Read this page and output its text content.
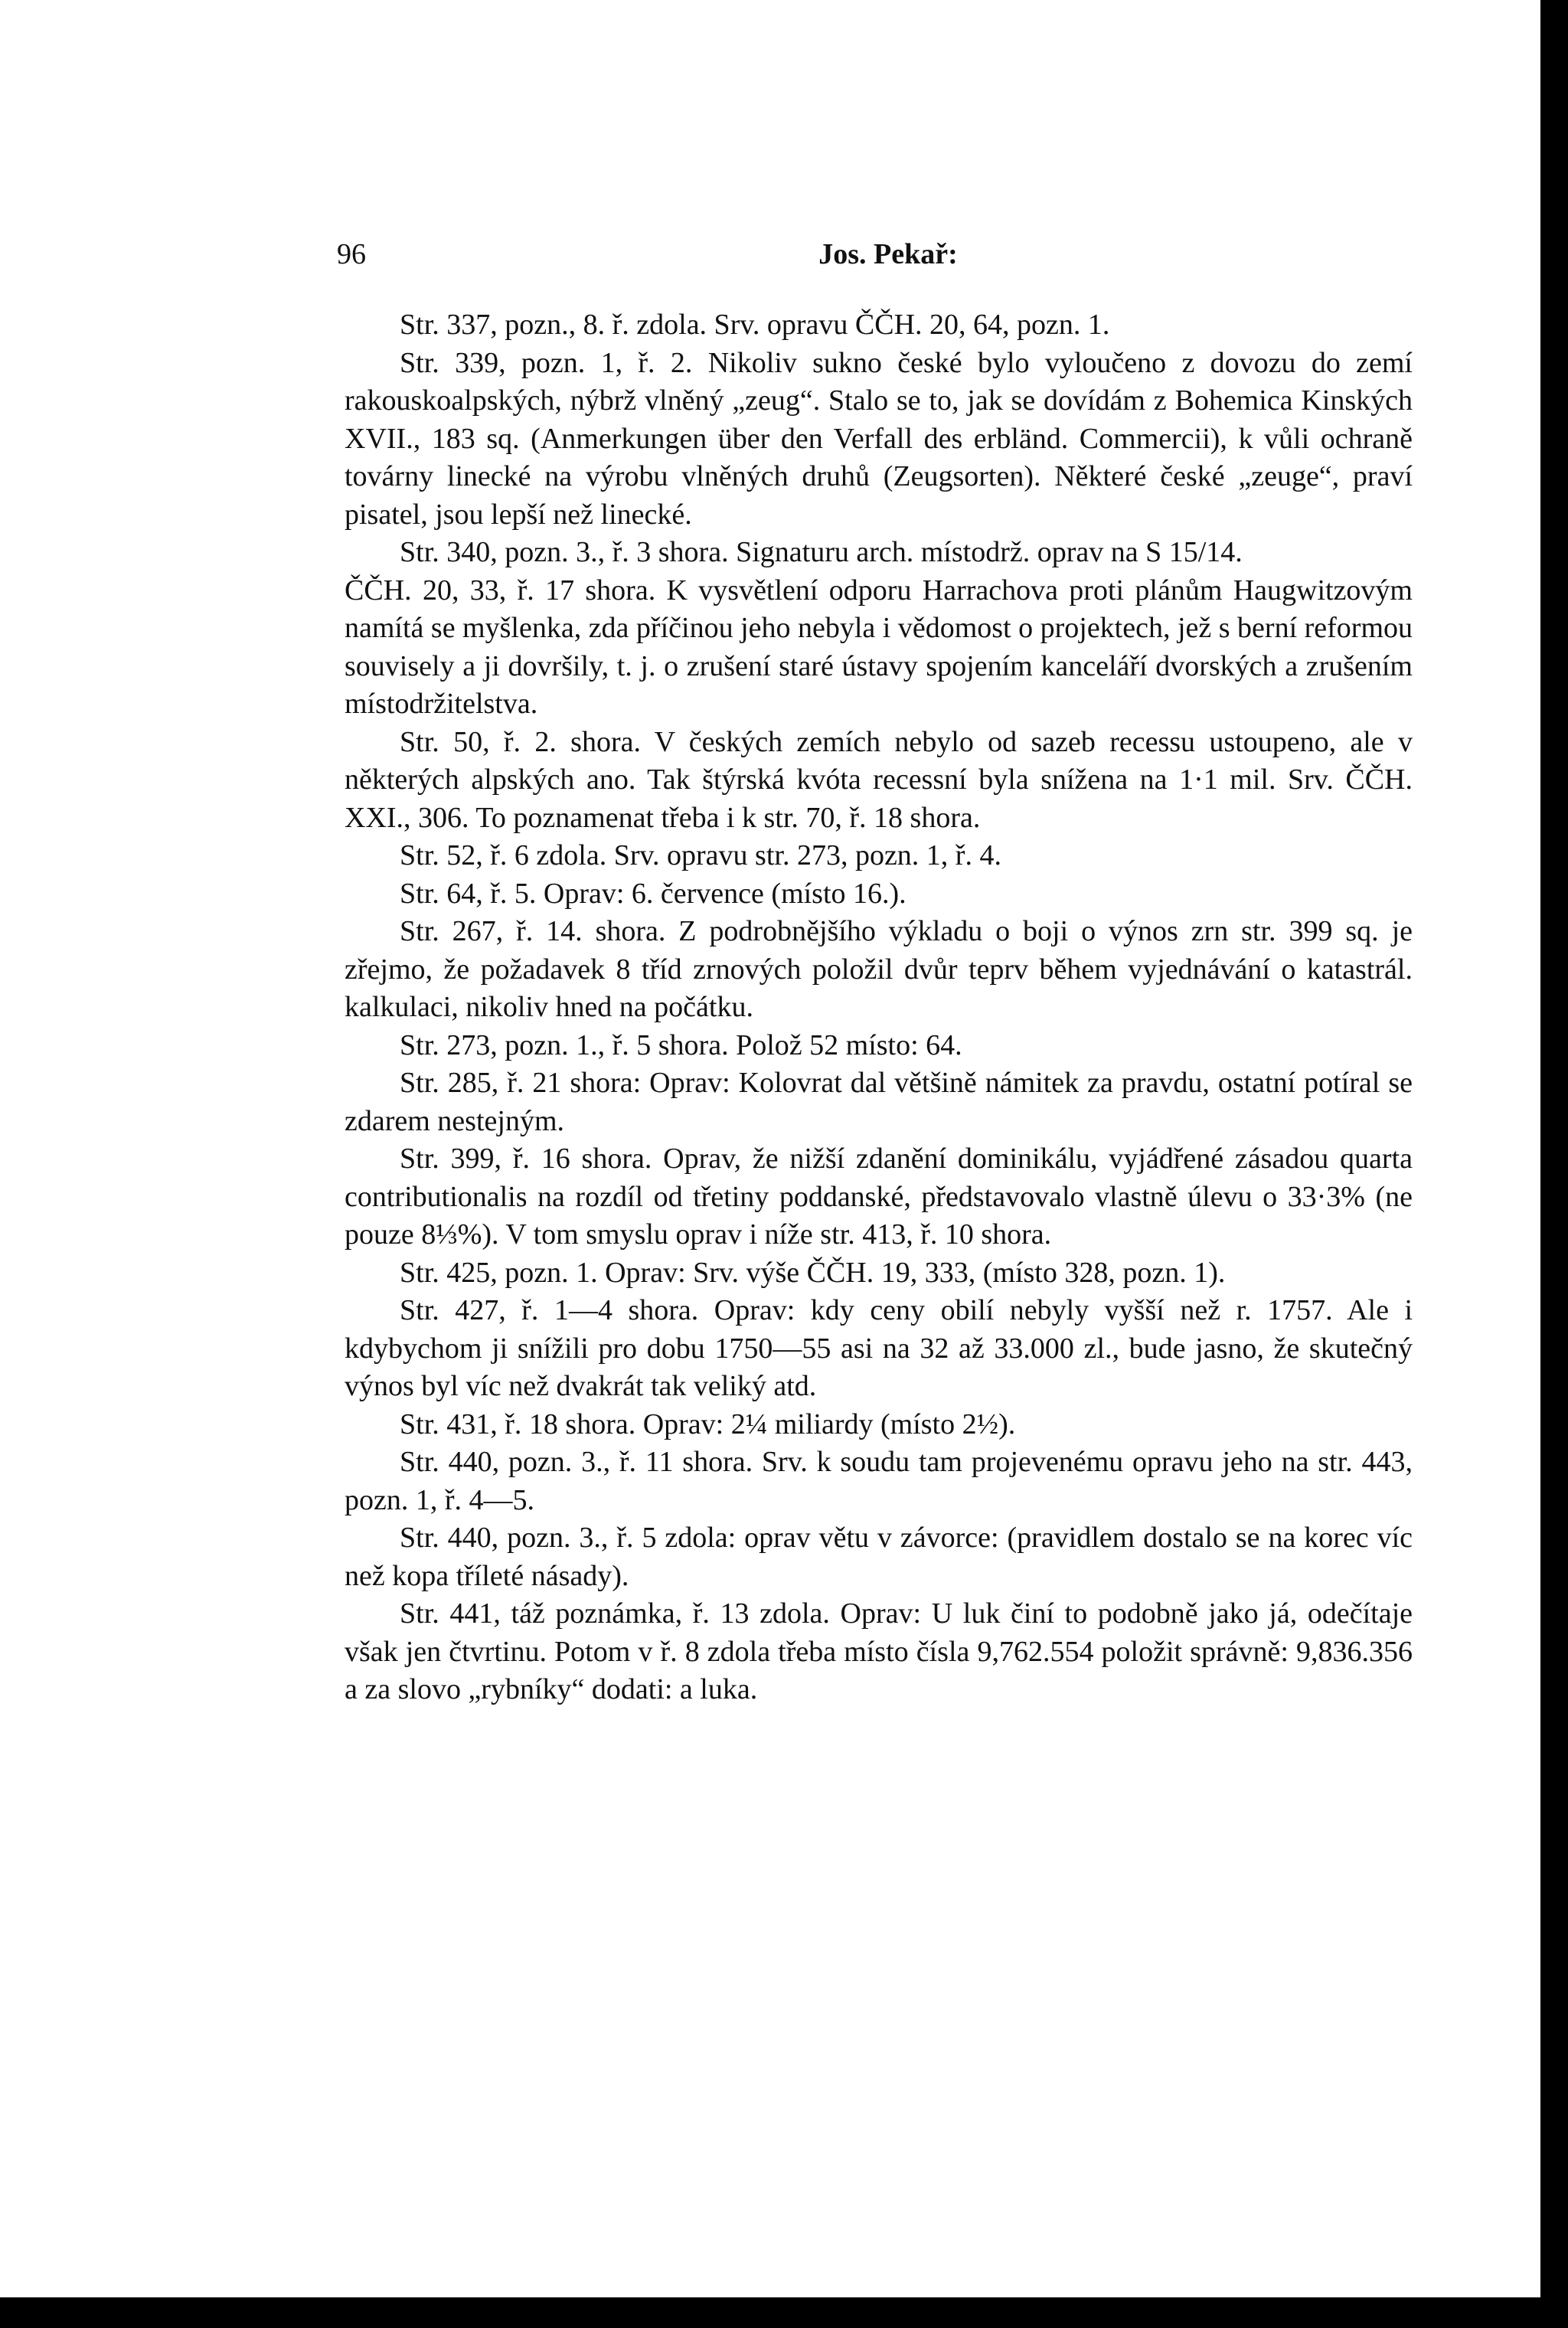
96	Jos. Pekař:

Str. 337, pozn., 8. ř. zdola. Srv. opravu ČČH. 20, 64, pozn. 1.

Str. 339, pozn. 1, ř. 2. Nikoliv sukno české bylo vyloučeno z dovozu do zemí rakouskoalpských, nýbrž vlněný „zeug“. Stalo se to, jak se dovídám z Bohemica Kinských XVII., 183 sq. (Anmerkungen über den Verfall des erbländ. Commercii), k vůli ochraně továrny linecké na výrobu vlněných druhů (Zeugsorten). Některé české „zeuge“, praví pisatel, jsou lepší než linecké.

Str. 340, pozn. 3., ř. 3 shora. Signaturu arch. místodrž. oprav na S 15/14.

ČČH. 20, 33, ř. 17 shora. K vysvětlení odporu Harrachova proti plánům Haugwitzovým namítá se myšlenka, zda příčinou jeho nebyla i vědomost o projektech, jež s berní reformou souvisely a ji dovršily, t. j. o zrušení staré ústavy spojením kanceláří dvorských a zrušením místodržitelstva.

Str. 50, ř. 2. shora. V českých zemích nebylo od sazeb recessu ustoupeno, ale v některých alpských ano. Tak štýrská kvóta recessní byla snížena na 1·1 mil. Srv. ČČH. XXI., 306. To poznamenat třeba i k str. 70, ř. 18 shora.

Str. 52, ř. 6 zdola. Srv. opravu str. 273, pozn. 1, ř. 4.

Str. 64, ř. 5. Oprav: 6. července (místo 16.).

Str. 267, ř. 14. shora. Z podrobnějšího výkladu o boji o výnos zrn str. 399 sq. je zřejmo, že požadavek 8 tříd zrnových položil dvůr teprv během vyjednávání o katastrál. kalkulaci, nikoliv hned na počátku.

Str. 273, pozn. 1., ř. 5 shora. Polož 52 místo: 64.

Str. 285, ř. 21 shora: Oprav: Kolovrat dal většině námitek za pravdu, ostatní potíral se zdarem nestejným.

Str. 399, ř. 16 shora. Oprav, že nižší zdanění dominikálu, vyjádřené zásadou quarta contributionalis na rozdíl od třetiny poddanské, představovalo vlastně úlevu o 33·3% (ne pouze 8⅓%). V tom smyslu oprav i níže str. 413, ř. 10 shora.

Str. 425, pozn. 1. Oprav: Srv. výše ČČH. 19, 333, (místo 328, pozn. 1).

Str. 427, ř. 1—4 shora. Oprav: kdy ceny obilí nebyly vyšší než r. 1757. Ale i kdybychom ji snížili pro dobu 1750—55 asi na 32 až 33.000 zl., bude jasno, že skutečný výnos byl víc než dvakrát tak veliký atd.

Str. 431, ř. 18 shora. Oprav: 2¼ miliardy (místo 2½).

Str. 440, pozn. 3., ř. 11 shora. Srv. k soudu tam projevenému opravu jeho na str. 443, pozn. 1, ř. 4—5.

Str. 440, pozn. 3., ř. 5 zdola: oprav větu v závorce: (pravidlem dostalo se na korec víc než kopa tříleté násady).

Str. 441, táž poznámka, ř. 13 zdola. Oprav: U luk činí to podobně jako já, odečítaje však jen čtvrtinu. Potom v ř. 8 zdola třeba místo čísla 9,762.554 položit správně: 9,836.356 a za slovo „rybníky“ dodati: a luka.
